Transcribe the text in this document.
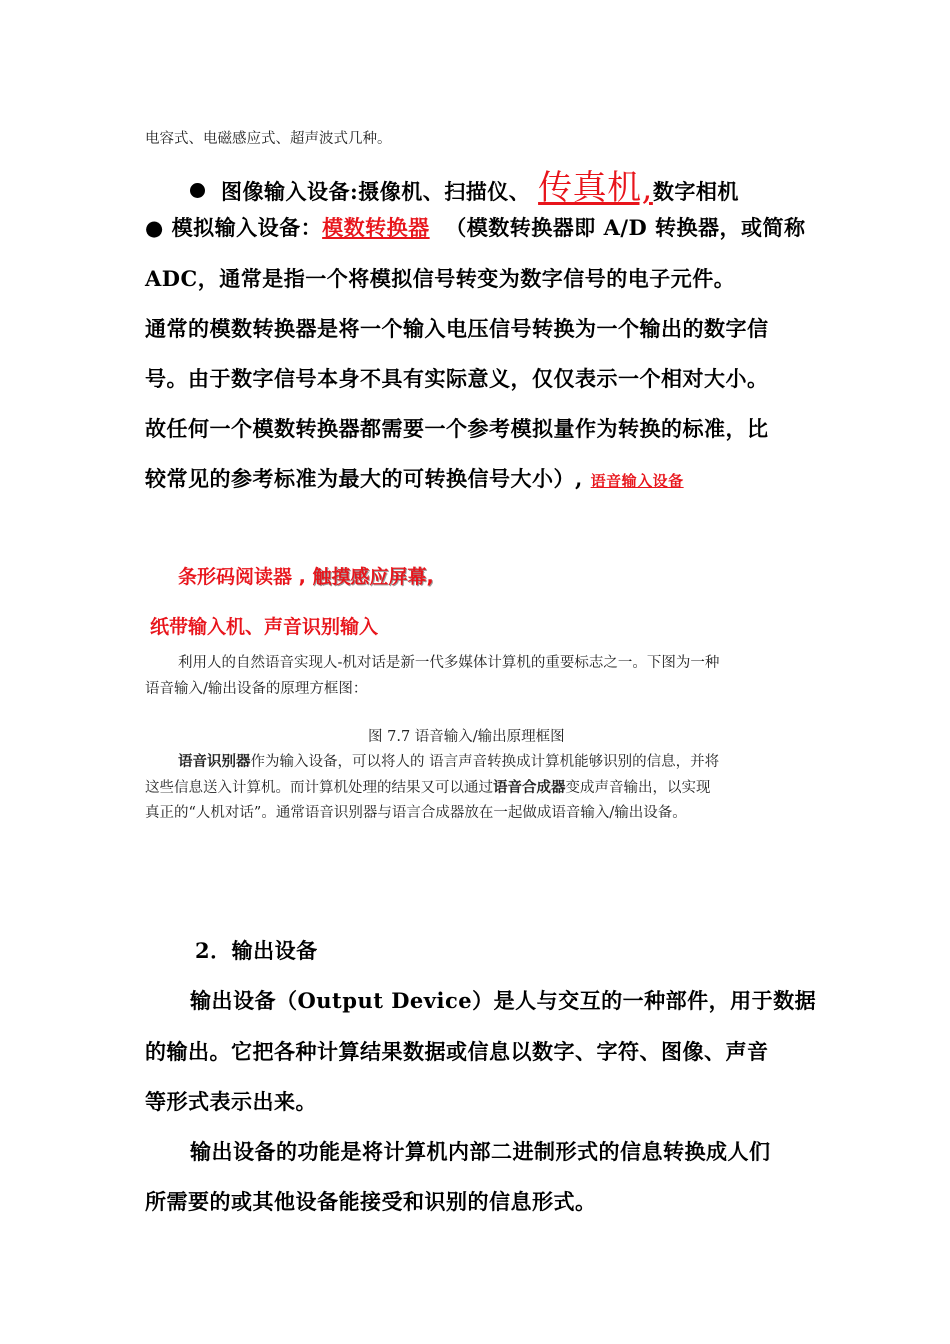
电容式、电磁感应式、超声波式几种。
图像输入设备:摄像机、扫描仪、 传真机,数字相机
● 模拟输入设备：模数转换器 （模数转换器即 A/D 转换器，或简称
ADC，通常是指一个将模拟信号转变为数字信号的电子元件。
通常的模数转换器是将一个输入电压信号转换为一个输出的数字信
号。由于数字信号本身不具有实际意义，仅仅表示一个相对大小。
故任何一个模数转换器都需要一个参考模拟量作为转换的标准，比
较常见的参考标准为最大的可转换信号大小）, 语音输入设备
条形码阅读器 , 触摸感应屏幕,
纸带输入机、声音识别输入
利用人的自然语音实现人-机对话是新一代多媒体计算机的重要标志之一。下图为一种
语音输入/输出设备的原理方框图：
图 7.7 语音输入/输出原理框图
语音识别器作为输入设备，可以将人的 语言声音转换成计算机能够识别的信息，并将
这些信息送入计算机。而计算机处理的结果又可以通过语音合成器变成声音输出，以实现
真正的“人机对话”。通常语音识别器与语言合成器放在一起做成语音输入/输出设备。
2．输出设备
输出设备（Output Device）是人与交互的一种部件，用于数据
的输出。它把各种计算结果数据或信息以数字、字符、图像、声音
等形式表示出来。
输出设备的功能是将计算机内部二进制形式的信息转换成人们
所需要的或其他设备能接受和识别的信息形式。
